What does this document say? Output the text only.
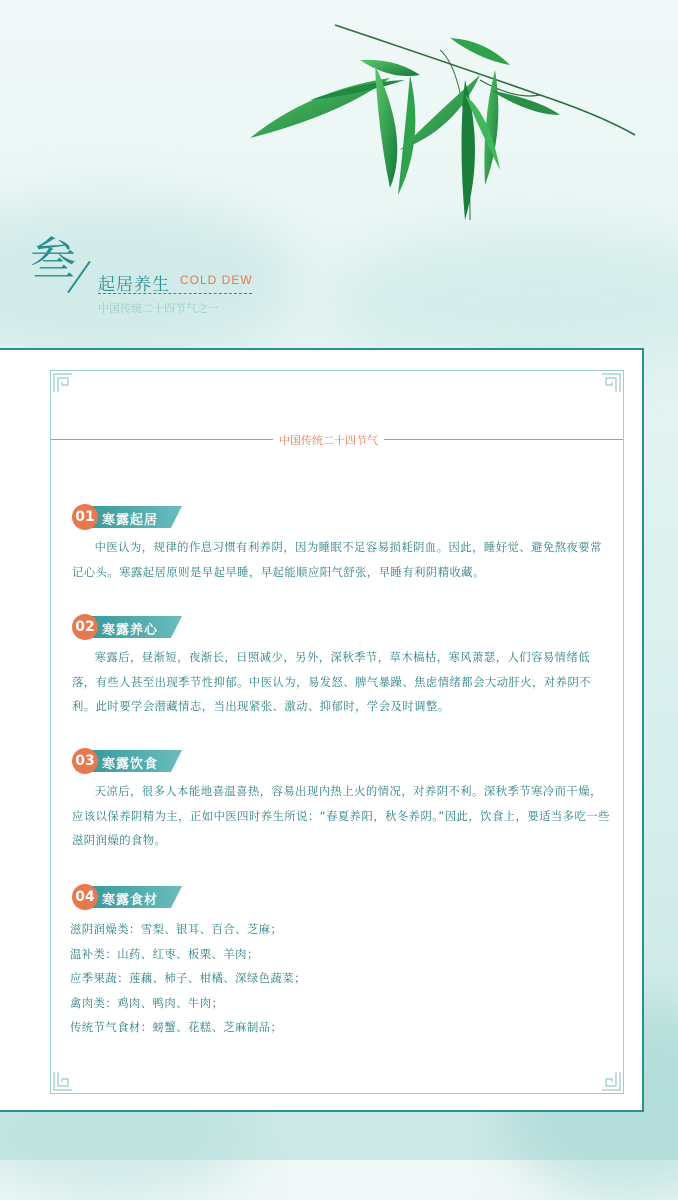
叁 起居养生 COLD DEW
中国传统二十四节气之一
中国传统二十四节气
01 寒露起居
中医认为，规律的作息习惯有利养阴，因为睡眠不足容易损耗阴血。因此，睡好觉、避免熬夜要常记心头。寒露起居原则是早起早睡，早起能顺应阳气舒张，早睡有利阴精收藏。
02 寒露养心
寒露后，昼渐短，夜渐长，日照减少，另外，深秋季节，草木槁枯，寒风萧瑟，人们容易情绪低落，有些人甚至出现季节性抑郁。中医认为，易发怒、脾气暴躁、焦虑情绪都会大动肝火，对养阴不利。此时要学会潜藏情志，当出现紧张、激动、抑郁时，学会及时调整。
03 寒露饮食
天凉后，很多人本能地喜温喜热，容易出现内热上火的情况，对养阴不利。深秋季节寒冷而干燥，应该以保养阴精为主，正如中医四时养生所说：“春夏养阳，秋冬养阴。”因此，饮食上，要适当多吃一些滋阴润燥的食物。
04 寒露食材
滋阴润燥类：雪梨、银耳、百合、芝麻；
温补类：山药、红枣、板栗、羊肉；
应季果蔬：莲藕、柿子、柑橘、深绿色蔬菜；
禽肉类：鸡肉、鸭肉、牛肉；
传统节气食材：螃蟹、花糕、芝麻制品；
